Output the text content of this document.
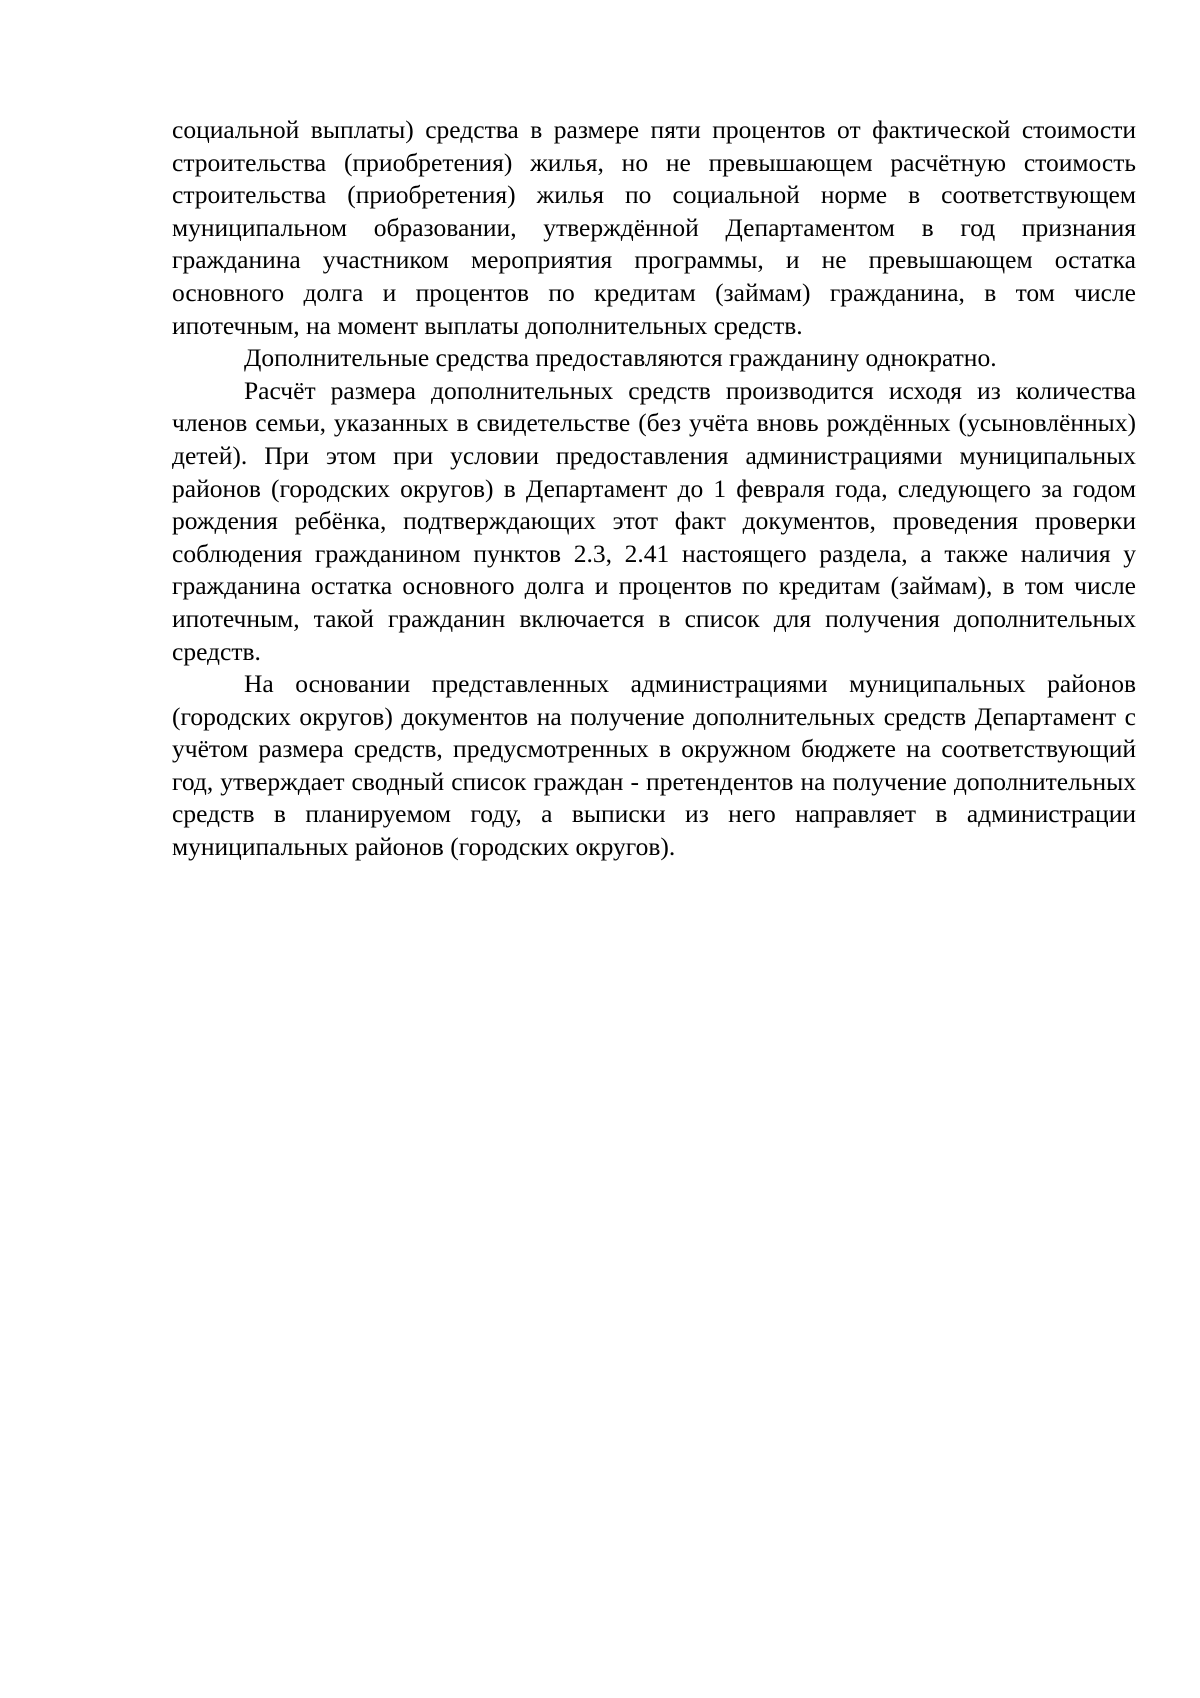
социальной выплаты) средства в размере пяти процентов от фактической стоимости строительства (приобретения) жилья, но не превышающем расчётную стоимость строительства (приобретения) жилья по социальной норме в соответствующем муниципальном образовании, утверждённой Департаментом в год признания гражданина участником мероприятия программы, и не превышающем остатка основного долга и процентов по кредитам (займам) гражданина, в том числе ипотечным, на момент выплаты дополнительных средств.

Дополнительные средства предоставляются гражданину однократно.

Расчёт размера дополнительных средств производится исходя из количества членов семьи, указанных в свидетельстве (без учёта вновь рождённых (усыновлённых) детей). При этом при условии предоставления администрациями муниципальных районов (городских округов) в Департамент до 1 февраля года, следующего за годом рождения ребёнка, подтверждающих этот факт документов, проведения проверки соблюдения гражданином пунктов 2.3, 2.41 настоящего раздела, а также наличия у гражданина остатка основного долга и процентов по кредитам (займам), в том числе ипотечным, такой гражданин включается в список для получения дополнительных средств.

На основании представленных администрациями муниципальных районов (городских округов) документов на получение дополнительных средств Департамент с учётом размера средств, предусмотренных в окружном бюджете на соответствующий год, утверждает сводный список граждан - претендентов на получение дополнительных средств в планируемом году, а выписки из него направляет в администрации муниципальных районов (городских округов).
